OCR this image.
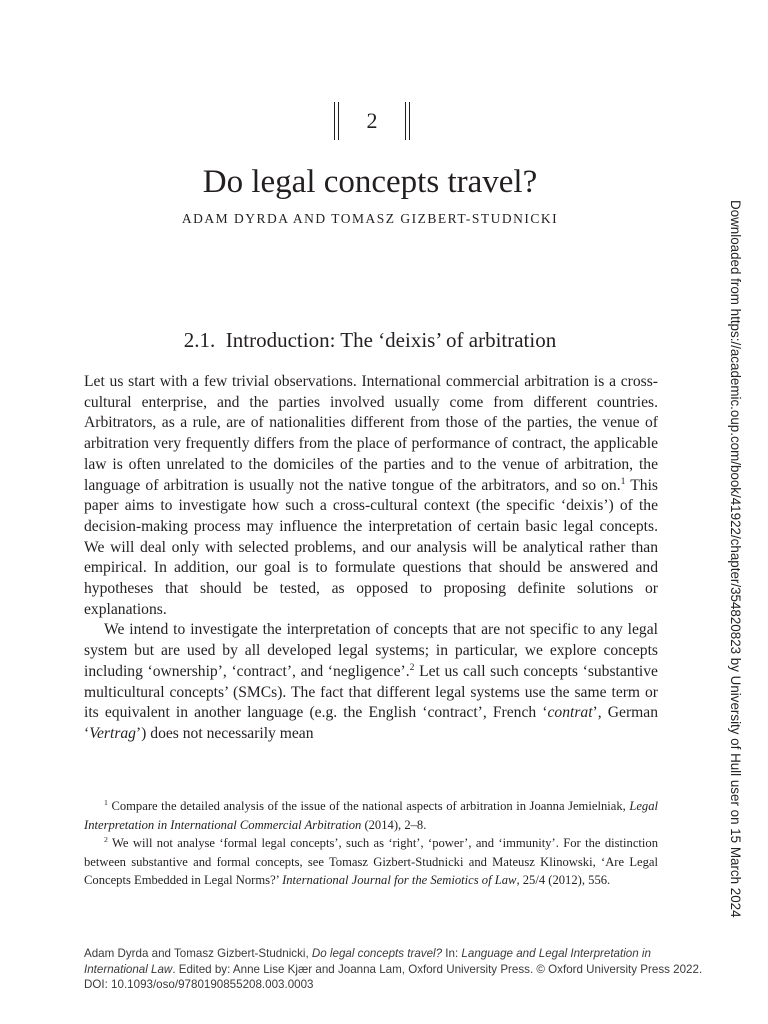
2
Do legal concepts travel?
ADAM DYRDA AND TOMASZ GIZBERT-STUDNICKI
2.1.  Introduction: The ‘deixis’ of arbitration

Let us start with a few trivial observations. International commercial arbitration is a cross-cultural enterprise, and the parties involved usually come from different countries. Arbitrators, as a rule, are of nationalities different from those of the parties, the venue of arbitration very frequently differs from the place of performance of contract, the applicable law is often unrelated to the domiciles of the parties and to the venue of arbitration, the language of arbitration is usually not the native tongue of the arbitrators, and so on.$^1$ This paper aims to investigate how such a cross-cultural context (the specific ‘deixis’) of the decision-making process may influence the interpretation of certain basic legal concepts. We will deal only with selected problems, and our analysis will be analytical rather than empirical. In addition, our goal is to formulate questions that should be answered and hypotheses that should be tested, as opposed to proposing definite solutions or explanations.

We intend to investigate the interpretation of concepts that are not specific to any legal system but are used by all developed legal systems; in particular, we explore concepts including ‘ownership’, ‘contract’, and ‘negligence’.$^2$ Let us call such concepts ‘substantive multicultural concepts’ (SMCs). The fact that different legal systems use the same term or its equivalent in another language (e.g. the English ‘contract’, French ‘contrat’, German ‘Vertrag’) does not necessarily mean

$^1$ Compare the detailed analysis of the issue of the national aspects of arbitration in Joanna Jemielniak, Legal Interpretation in International Commercial Arbitration (2014), 2–8.

$^2$ We will not analyse ‘formal legal concepts’, such as ‘right’, ‘power’, and ‘immunity’. For the distinction between substantive and formal concepts, see Tomasz Gizbert-Studnicki and Mateusz Klinowski, ‘Are Legal Concepts Embedded in Legal Norms?’ International Journal for the Semiotics of Law, 25/4 (2012), 556.

Adam Dyrda and Tomasz Gizbert-Studnicki, Do legal concepts travel? In: Language and Legal Interpretation in
International Law. Edited by: Anne Lise Kjær and Joanna Lam, Oxford University Press. © Oxford University Press 2022.
DOI: 10.1093/oso/9780190855208.003.0003
Downloaded from https://academic.oup.com/book/41922/chapter/354820823 by University of Hull user on 15 March 2024
